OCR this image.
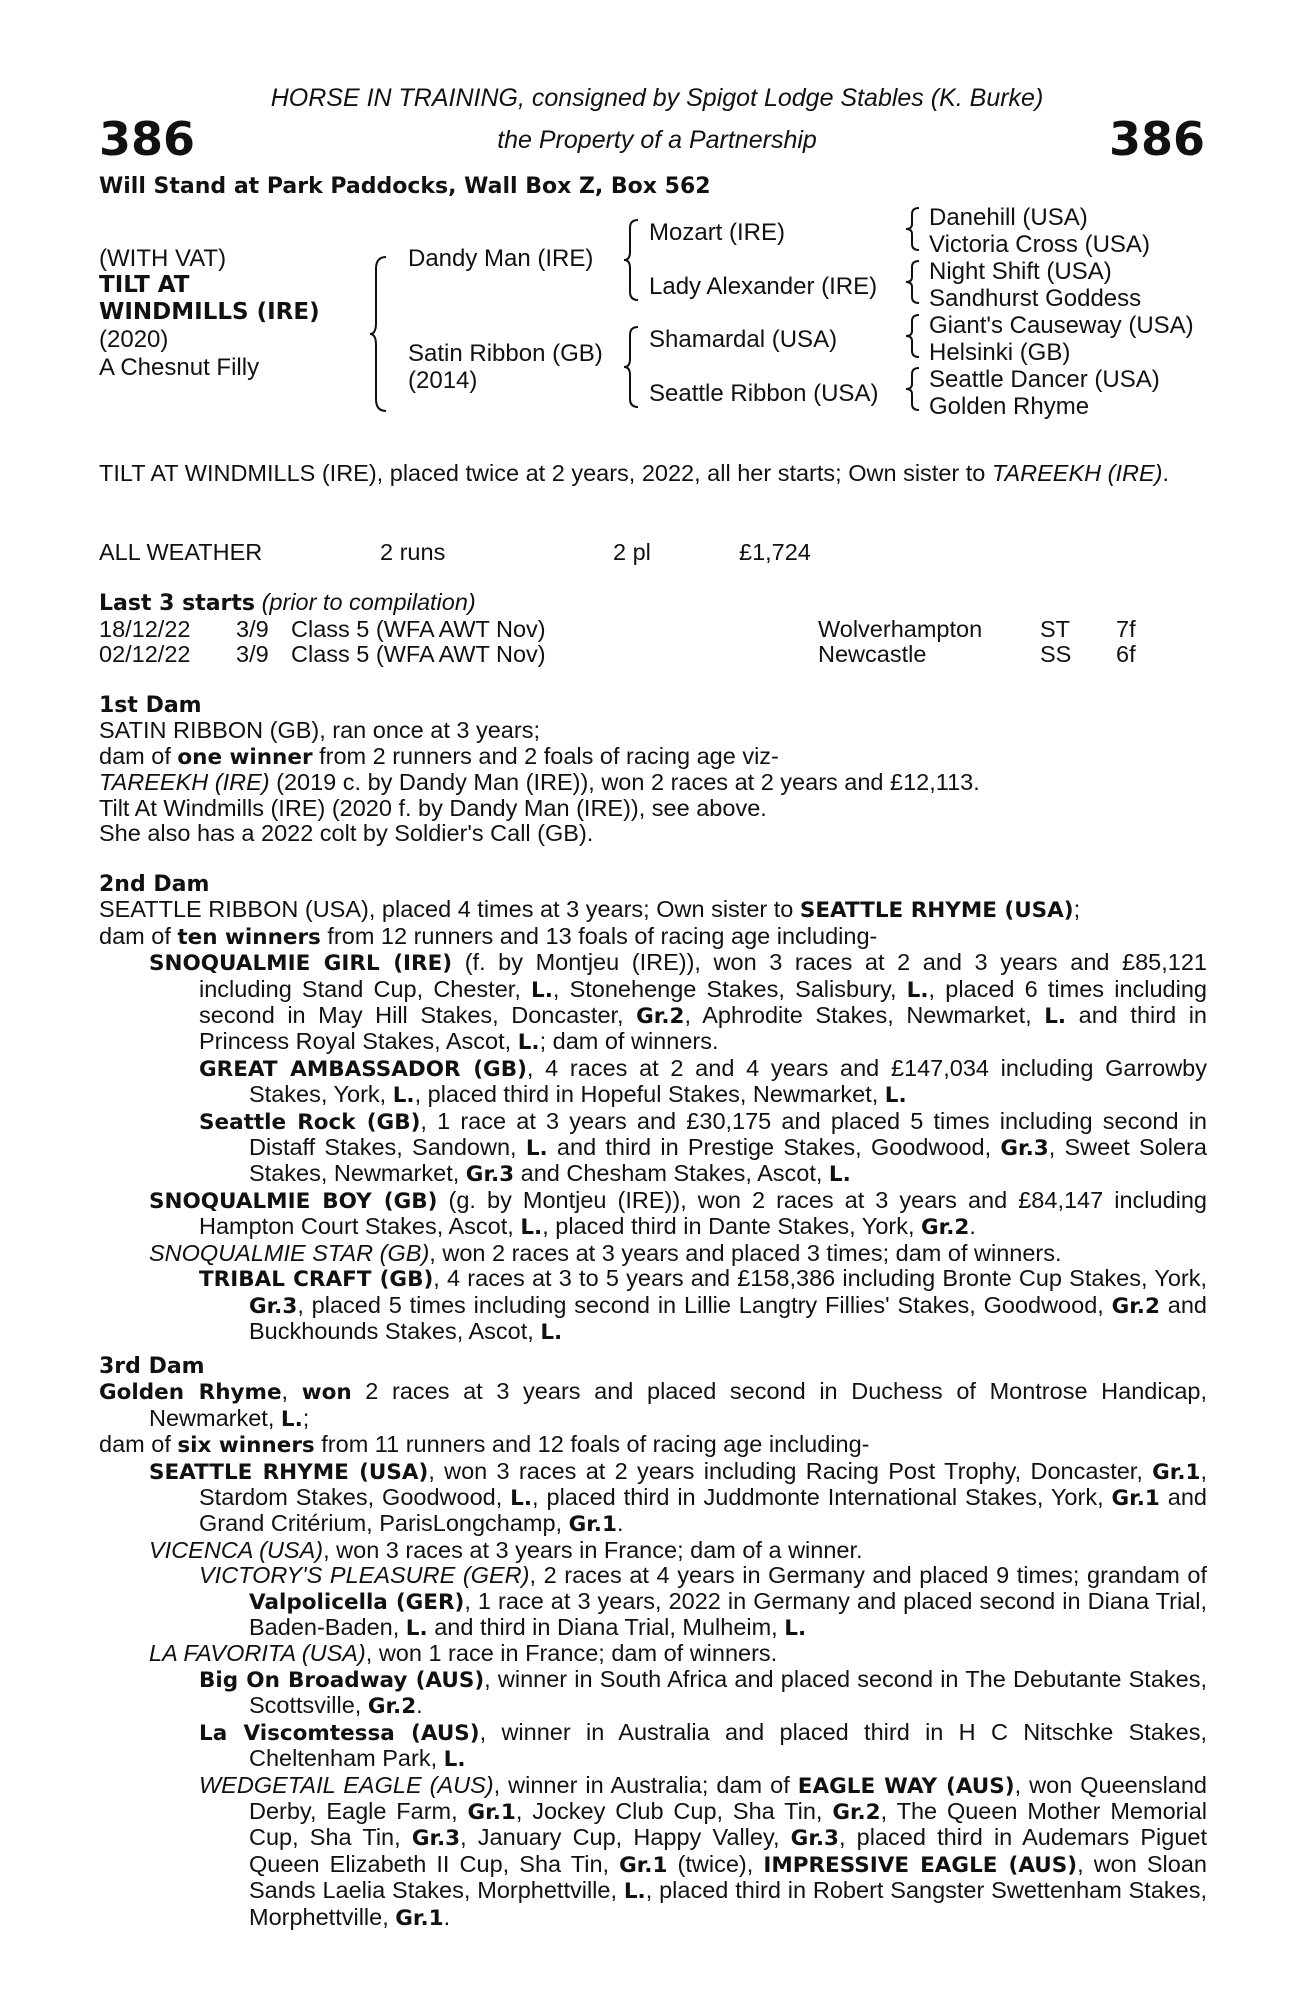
386	386
HORSE IN TRAINING, consigned by Spigot Lodge Stables (K. Burke)
the Property of a Partnership
Will Stand at Park Paddocks, Wall Box Z, Box 562
(WITH VAT)
TILT AT
WINDMILLS (IRE)
(2020)
A Chesnut Filly
Dandy Man (IRE)
Satin Ribbon (GB)
(2014)
Mozart (IRE)
Lady Alexander (IRE)
Shamardal (USA)
Seattle Ribbon (USA)
Danehill (USA)
Victoria Cross (USA)
Night Shift (USA)
Sandhurst Goddess
Giant's Causeway (USA)
Helsinki (GB)
Seattle Dancer (USA)
Golden Rhyme

TILT AT WINDMILLS (IRE), placed twice at 2 years, 2022, all her starts; Own sister to TAREEKH (IRE).

ALL WEATHER	2 runs	2 pl	£1,724
Last 3 starts (prior to compilation)
18/12/22 3/9 Class 5 (WFA AWT Nov)	Wolverhampton ST 7f
02/12/22 3/9 Class 5 (WFA AWT Nov)	Newcastle	SS 6f

1st Dam

SATIN RIBBON (GB), ran once at 3 years;

dam of one winner from 2 runners and 2 foals of racing age viz-

TAREEKH (IRE) (2019 c. by Dandy Man (IRE)), won 2 races at 2 years and £12,113.

Tilt At Windmills (IRE) (2020 f. by Dandy Man (IRE)), see above.

She also has a 2022 colt by Soldier's Call (GB).

2nd Dam

SEATTLE RIBBON (USA), placed 4 times at 3 years; Own sister to SEATTLE RHYME (USA);

dam of ten winners from 12 runners and 13 foals of racing age including-

SNOQUALMIE GIRL (IRE) (f. by Montjeu (IRE)), won 3 races at 2 and 3 years and £85,121 including Stand Cup, Chester, L., Stonehenge Stakes, Salisbury, L., placed 6 times including second in May Hill Stakes, Doncaster, Gr.2, Aphrodite Stakes, Newmarket, L. and third in Princess Royal Stakes, Ascot, L.; dam of winners.

GREAT AMBASSADOR (GB), 4 races at 2 and 4 years and £147,034 including Garrowby Stakes, York, L., placed third in Hopeful Stakes, Newmarket, L.

Seattle Rock (GB), 1 race at 3 years and £30,175 and placed 5 times including second in Distaff Stakes, Sandown, L. and third in Prestige Stakes, Goodwood, Gr.3, Sweet Solera Stakes, Newmarket, Gr.3 and Chesham Stakes, Ascot, L.

SNOQUALMIE BOY (GB) (g. by Montjeu (IRE)), won 2 races at 3 years and £84,147 including Hampton Court Stakes, Ascot, L., placed third in Dante Stakes, York, Gr.2.

SNOQUALMIE STAR (GB), won 2 races at 3 years and placed 3 times; dam of winners.

TRIBAL CRAFT (GB), 4 races at 3 to 5 years and £158,386 including Bronte Cup Stakes, York, Gr.3, placed 5 times including second in Lillie Langtry Fillies' Stakes, Goodwood, Gr.2 and Buckhounds Stakes, Ascot, L.

3rd Dam

Golden Rhyme, won 2 races at 3 years and placed second in Duchess of Montrose Handicap, Newmarket, L.;

dam of six winners from 11 runners and 12 foals of racing age including-

SEATTLE RHYME (USA), won 3 races at 2 years including Racing Post Trophy, Doncaster, Gr.1, Stardom Stakes, Goodwood, L., placed third in Juddmonte International Stakes, York, Gr.1 and Grand Critérium, ParisLongchamp, Gr.1.

VICENCA (USA), won 3 races at 3 years in France; dam of a winner.

VICTORY'S PLEASURE (GER), 2 races at 4 years in Germany and placed 9 times; grandam of Valpolicella (GER), 1 race at 3 years, 2022 in Germany and placed second in Diana Trial, Baden-Baden, L. and third in Diana Trial, Mulheim, L.

LA FAVORITA (USA), won 1 race in France; dam of winners.

Big On Broadway (AUS), winner in South Africa and placed second in The Debutante Stakes, Scottsville, Gr.2.

La Viscomtessa (AUS), winner in Australia and placed third in H C Nitschke Stakes, Cheltenham Park, L.

WEDGETAIL EAGLE (AUS), winner in Australia; dam of EAGLE WAY (AUS), won Queensland Derby, Eagle Farm, Gr.1, Jockey Club Cup, Sha Tin, Gr.2, The Queen Mother Memorial Cup, Sha Tin, Gr.3, January Cup, Happy Valley, Gr.3, placed third in Audemars Piguet Queen Elizabeth II Cup, Sha Tin, Gr.1 (twice), IMPRESSIVE EAGLE (AUS), won Sloan Sands Laelia Stakes, Morphettville, L., placed third in Robert Sangster Swettenham Stakes, Morphettville, Gr.1.
